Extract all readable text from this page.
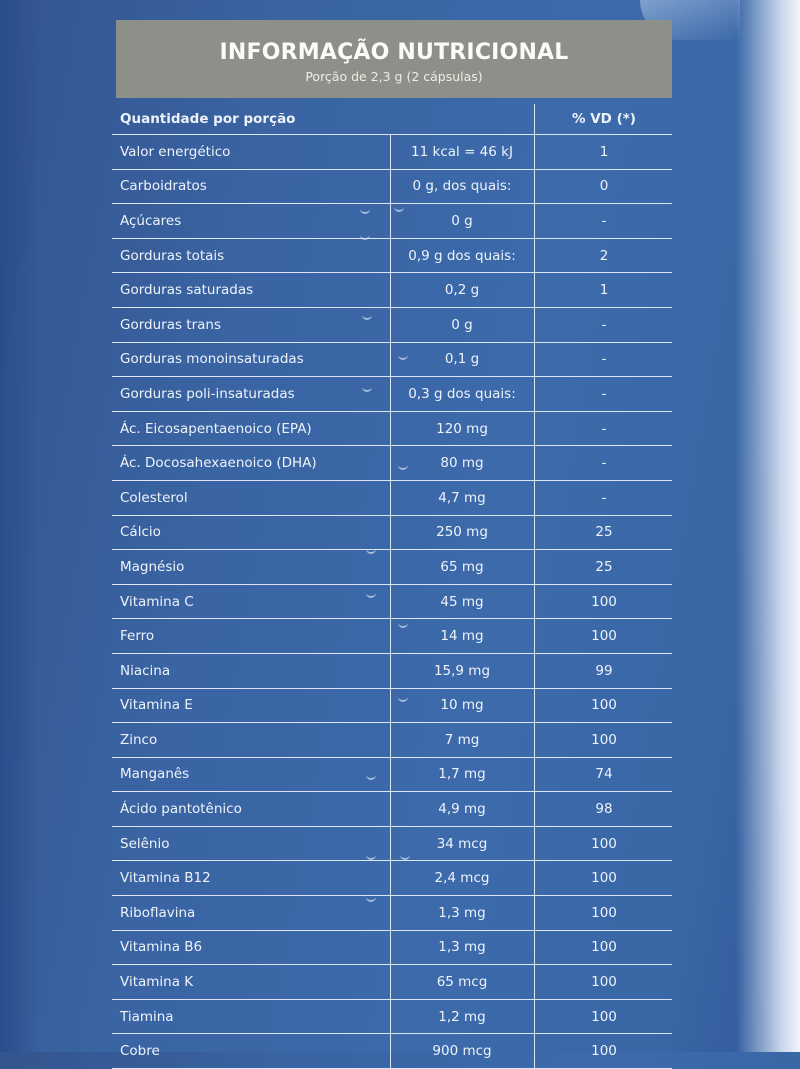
INFORMAÇÃO NUTRICIONAL
Porção de 2,3 g (2 cápsulas)
Quantidade por porção	% VD (*)
Valor energético	11 kcal = 46 kJ	1
Carboidratos	0 g, dos quais:	0
Açúcares	0 g	-
Gorduras totais	0,9 g dos quais:	2
Gorduras saturadas	0,2 g	1
Gorduras trans	0 g	-
Gorduras monoinsaturadas	0,1 g	-
Gorduras poli-insaturadas	0,3 g dos quais:	-
Ác. Eicosapentaenoico (EPA)	120 mg	-
Ác. Docosahexaenoico (DHA)	80 mg	-
Colesterol	4,7 mg	-
Cálcio	250 mg	25
Magnésio	65 mg	25
Vitamina C	45 mg	100
Ferro	14 mg	100
Niacina	15,9 mg	99
Vitamina E	10 mg	100
Zinco	7 mg	100
Manganês	1,7 mg	74
Ácido pantotênico	4,9 mg	98
Selênio	34 mcg	100
Vitamina B12	2,4 mcg	100
Riboflavina	1,3 mg	100
Vitamina B6	1,3 mg	100
Vitamina K	65 mcg	100
Tiamina	1,2 mg	100
Cobre	900 mcg	100
